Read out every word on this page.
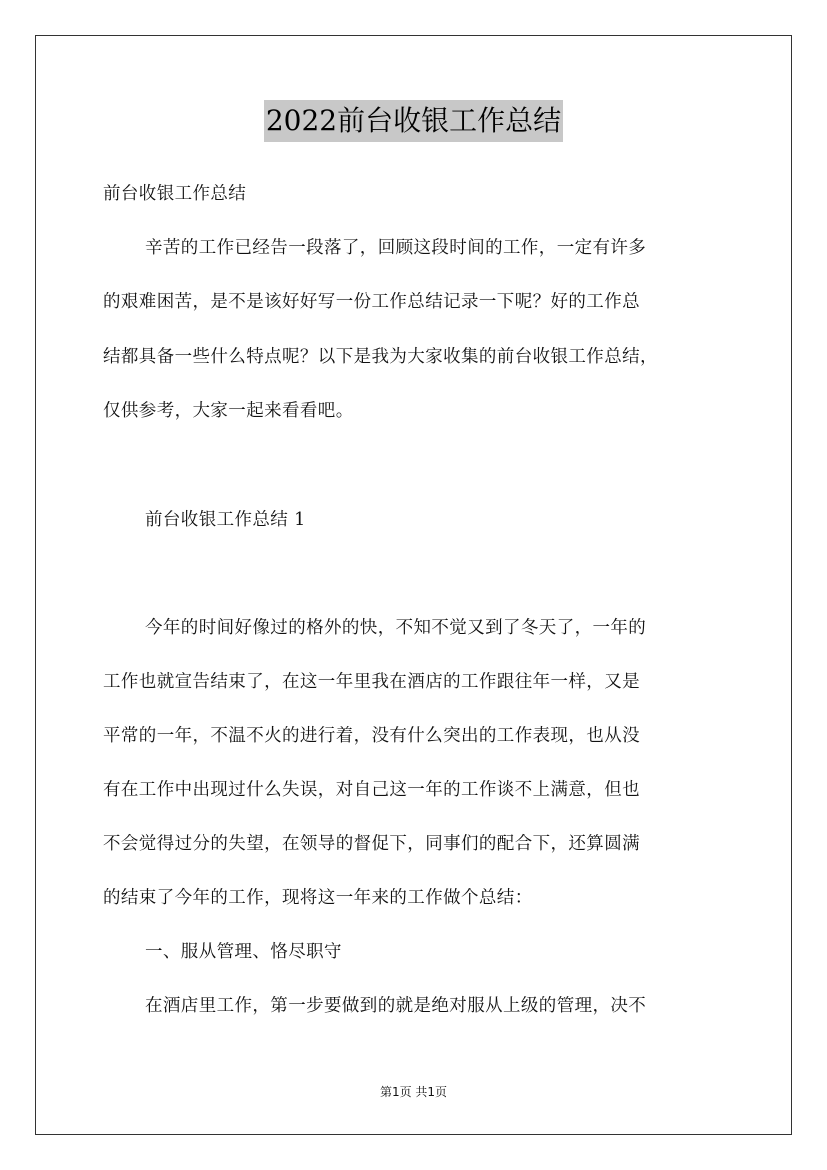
2022前台收银工作总结
前台收银工作总结
辛苦的工作已经告一段落了，回顾这段时间的工作，一定有许多
的艰难困苦，是不是该好好写一份工作总结记录一下呢？好的工作总
结都具备一些什么特点呢？以下是我为大家收集的前台收银工作总结，
仅供参考，大家一起来看看吧。
前台收银工作总结 1
今年的时间好像过的格外的快，不知不觉又到了冬天了，一年的
工作也就宣告结束了，在这一年里我在酒店的工作跟往年一样，又是
平常的一年，不温不火的进行着，没有什么突出的工作表现，也从没
有在工作中出现过什么失误，对自己这一年的工作谈不上满意，但也
不会觉得过分的失望，在领导的督促下，同事们的配合下，还算圆满
的结束了今年的工作，现将这一年来的工作做个总结：
一、服从管理、恪尽职守
在酒店里工作，第一步要做到的就是绝对服从上级的管理，决不
第1页 共1页
